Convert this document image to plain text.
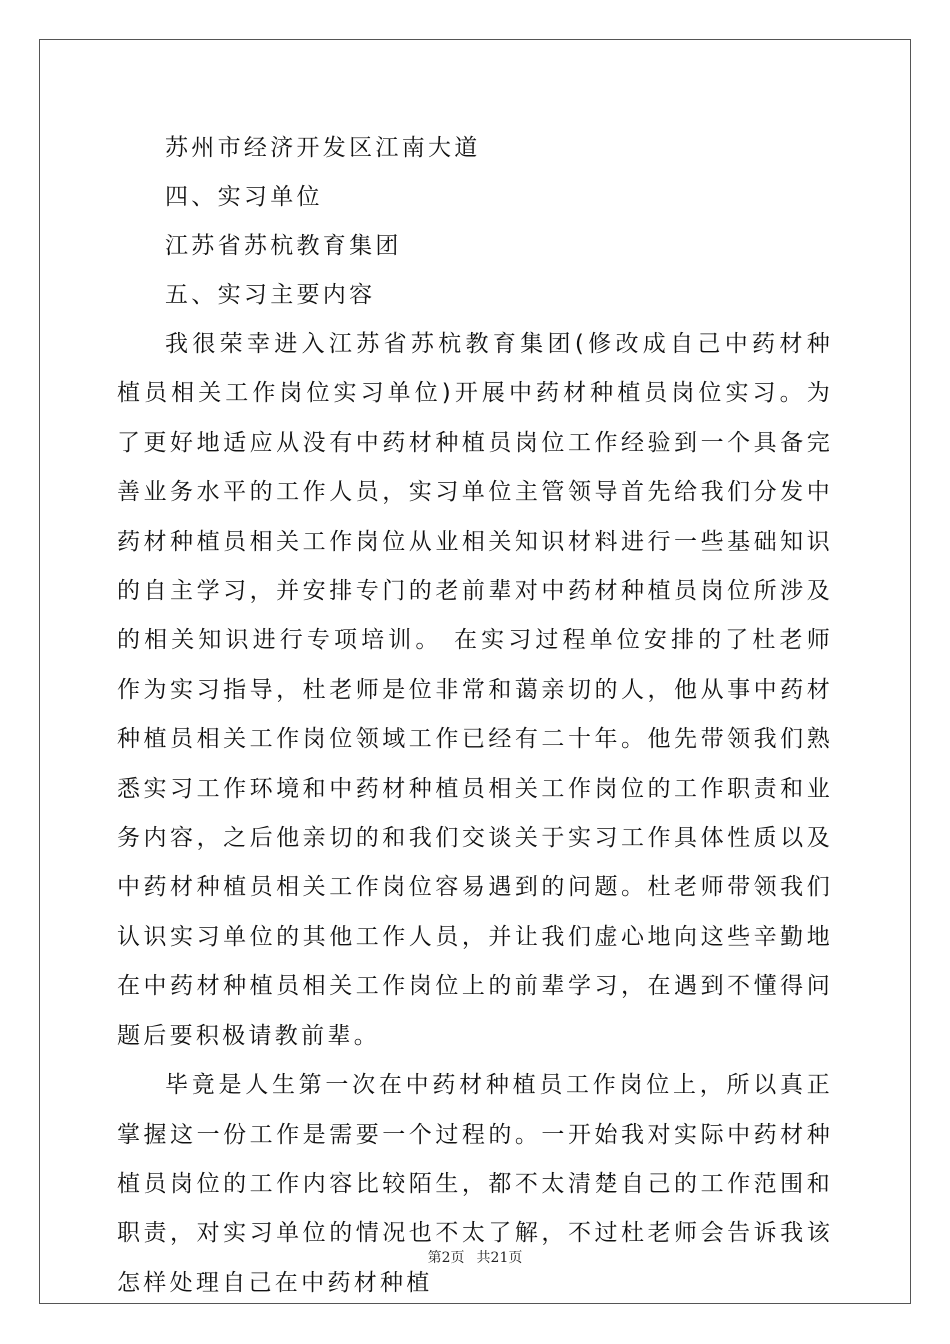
苏州市经济开发区江南大道
四、实习单位
江苏省苏杭教育集团
五、实习主要内容

我很荣幸进入江苏省苏杭教育集团(修改成自己中药材种植员相关工作岗位实习单位)开展中药材种植员岗位实习。为了更好地适应从没有中药材种植员岗位工作经验到一个具备完善业务水平的工作人员，实习单位主管领导首先给我们分发中药材种植员相关工作岗位从业相关知识材料进行一些基础知识的自主学习，并安排专门的老前辈对中药材种植员岗位所涉及的相关知识进行专项培训。 在实习过程单位安排的了杜老师作为实习指导，杜老师是位非常和蔼亲切的人，他从事中药材种植员相关工作岗位领域工作已经有二十年。他先带领我们熟悉实习工作环境和中药材种植员相关工作岗位的工作职责和业务内容，之后他亲切的和我们交谈关于实习工作具体性质以及中药材种植员相关工作岗位容易遇到的问题。杜老师带领我们认识实习单位的其他工作人员，并让我们虚心地向这些辛勤地在中药材种植员相关工作岗位上的前辈学习，在遇到不懂得问题后要积极请教前辈。

毕竟是人生第一次在中药材种植员工作岗位上，所以真正掌握这一份工作是需要一个过程的。一开始我对实际中药材种植员岗位的工作内容比较陌生，都不太清楚自己的工作范围和职责，对实习单位的情况也不太了解，不过杜老师会告诉我该怎样处理自己在中药材种植

第2页 共21页
